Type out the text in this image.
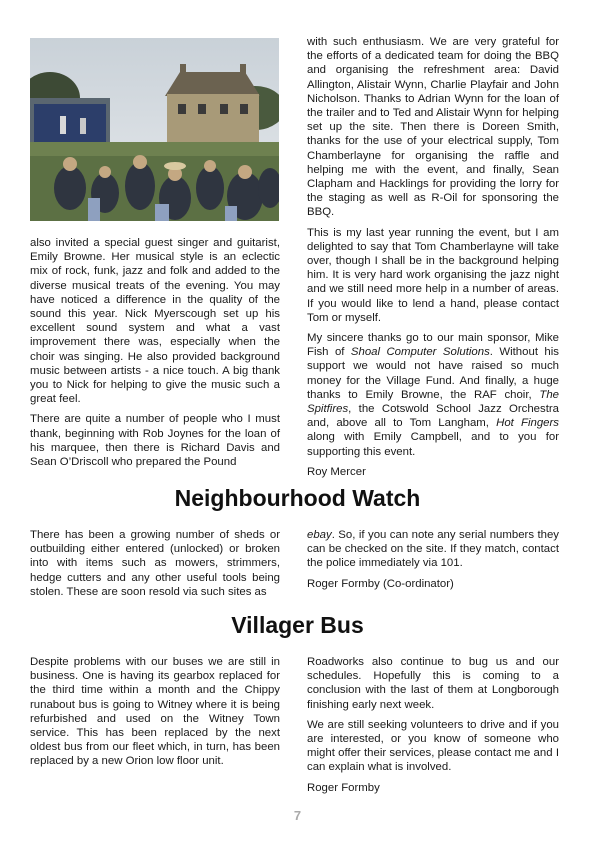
also invited a special guest singer and guitarist, Emily Browne. Her musical style is an eclectic mix of rock, funk, jazz and folk and added to the diverse musical treats of the evening. You may have noticed a difference in the quality of the sound this year. Nick Myerscough set up his excellent sound system and what a vast improvement there was, especially when the choir was singing. He also provided background music between artists - a nice touch. A big thank you to Nick for helping to give the music such a great feel.

There are quite a number of people who I must thank, beginning with Rob Joynes for the loan of his marquee, then there is Richard Davis and Sean O’Driscoll who prepared the Pound

with such enthusiasm. We are very grateful for the efforts of a dedicated team for doing the BBQ and organising the refreshment area: David Allington, Alistair Wynn, Charlie Playfair and John Nicholson. Thanks to Adrian Wynn for the loan of the trailer and to Ted and Alistair Wynn for helping set up the site. Then there is Doreen Smith, thanks for the use of your electrical supply, Tom Chamberlayne for organising the raffle and helping me with the event, and finally, Sean Clapham and Hacklings for providing the lorry for the staging as well as R-Oil for sponsoring the BBQ.

This is my last year running the event, but I am delighted to say that Tom Chamberlayne will take over, though I shall be in the background helping him. It is very hard work organising the jazz night and we still need more help in a number of areas. If you would like to lend a hand, please contact Tom or myself.

My sincere thanks go to our main sponsor, Mike Fish of Shoal Computer Solutions. Without his support we would not have raised so much money for the Village Fund. And finally, a huge thanks to Emily Browne, the RAF choir, The Spitfires, the Cotswold School Jazz Orchestra and, above all to Tom Langham, Hot Fingers along with Emily Campbell, and to you for supporting this event.

Roy Mercer

Neighbourhood Watch

There has been a growing number of sheds or outbuilding either entered (unlocked) or broken into with items such as mowers, strimmers, hedge cutters and any other useful tools being stolen. These are soon resold via such sites as

ebay. So, if you can note any serial numbers they can be checked on the site. If they match, contact the police immediately via 101.

Roger Formby (Co-ordinator)

Villager Bus

Despite problems with our buses we are still in business. One is having its gearbox replaced for the third time within a month and the Chippy runabout bus is going to Witney where it is being refurbished and used on the Witney Town service. This has been replaced by the next oldest bus from our fleet which, in turn, has been replaced by a new Orion low floor unit.

Roadworks also continue to bug us and our schedules. Hopefully this is coming to a conclusion with the last of them at Longborough finishing early next week.

We are still seeking volunteers to drive and if you are interested, or you know of someone who might offer their services, please contact me and I can explain what is involved.

Roger Formby

7
